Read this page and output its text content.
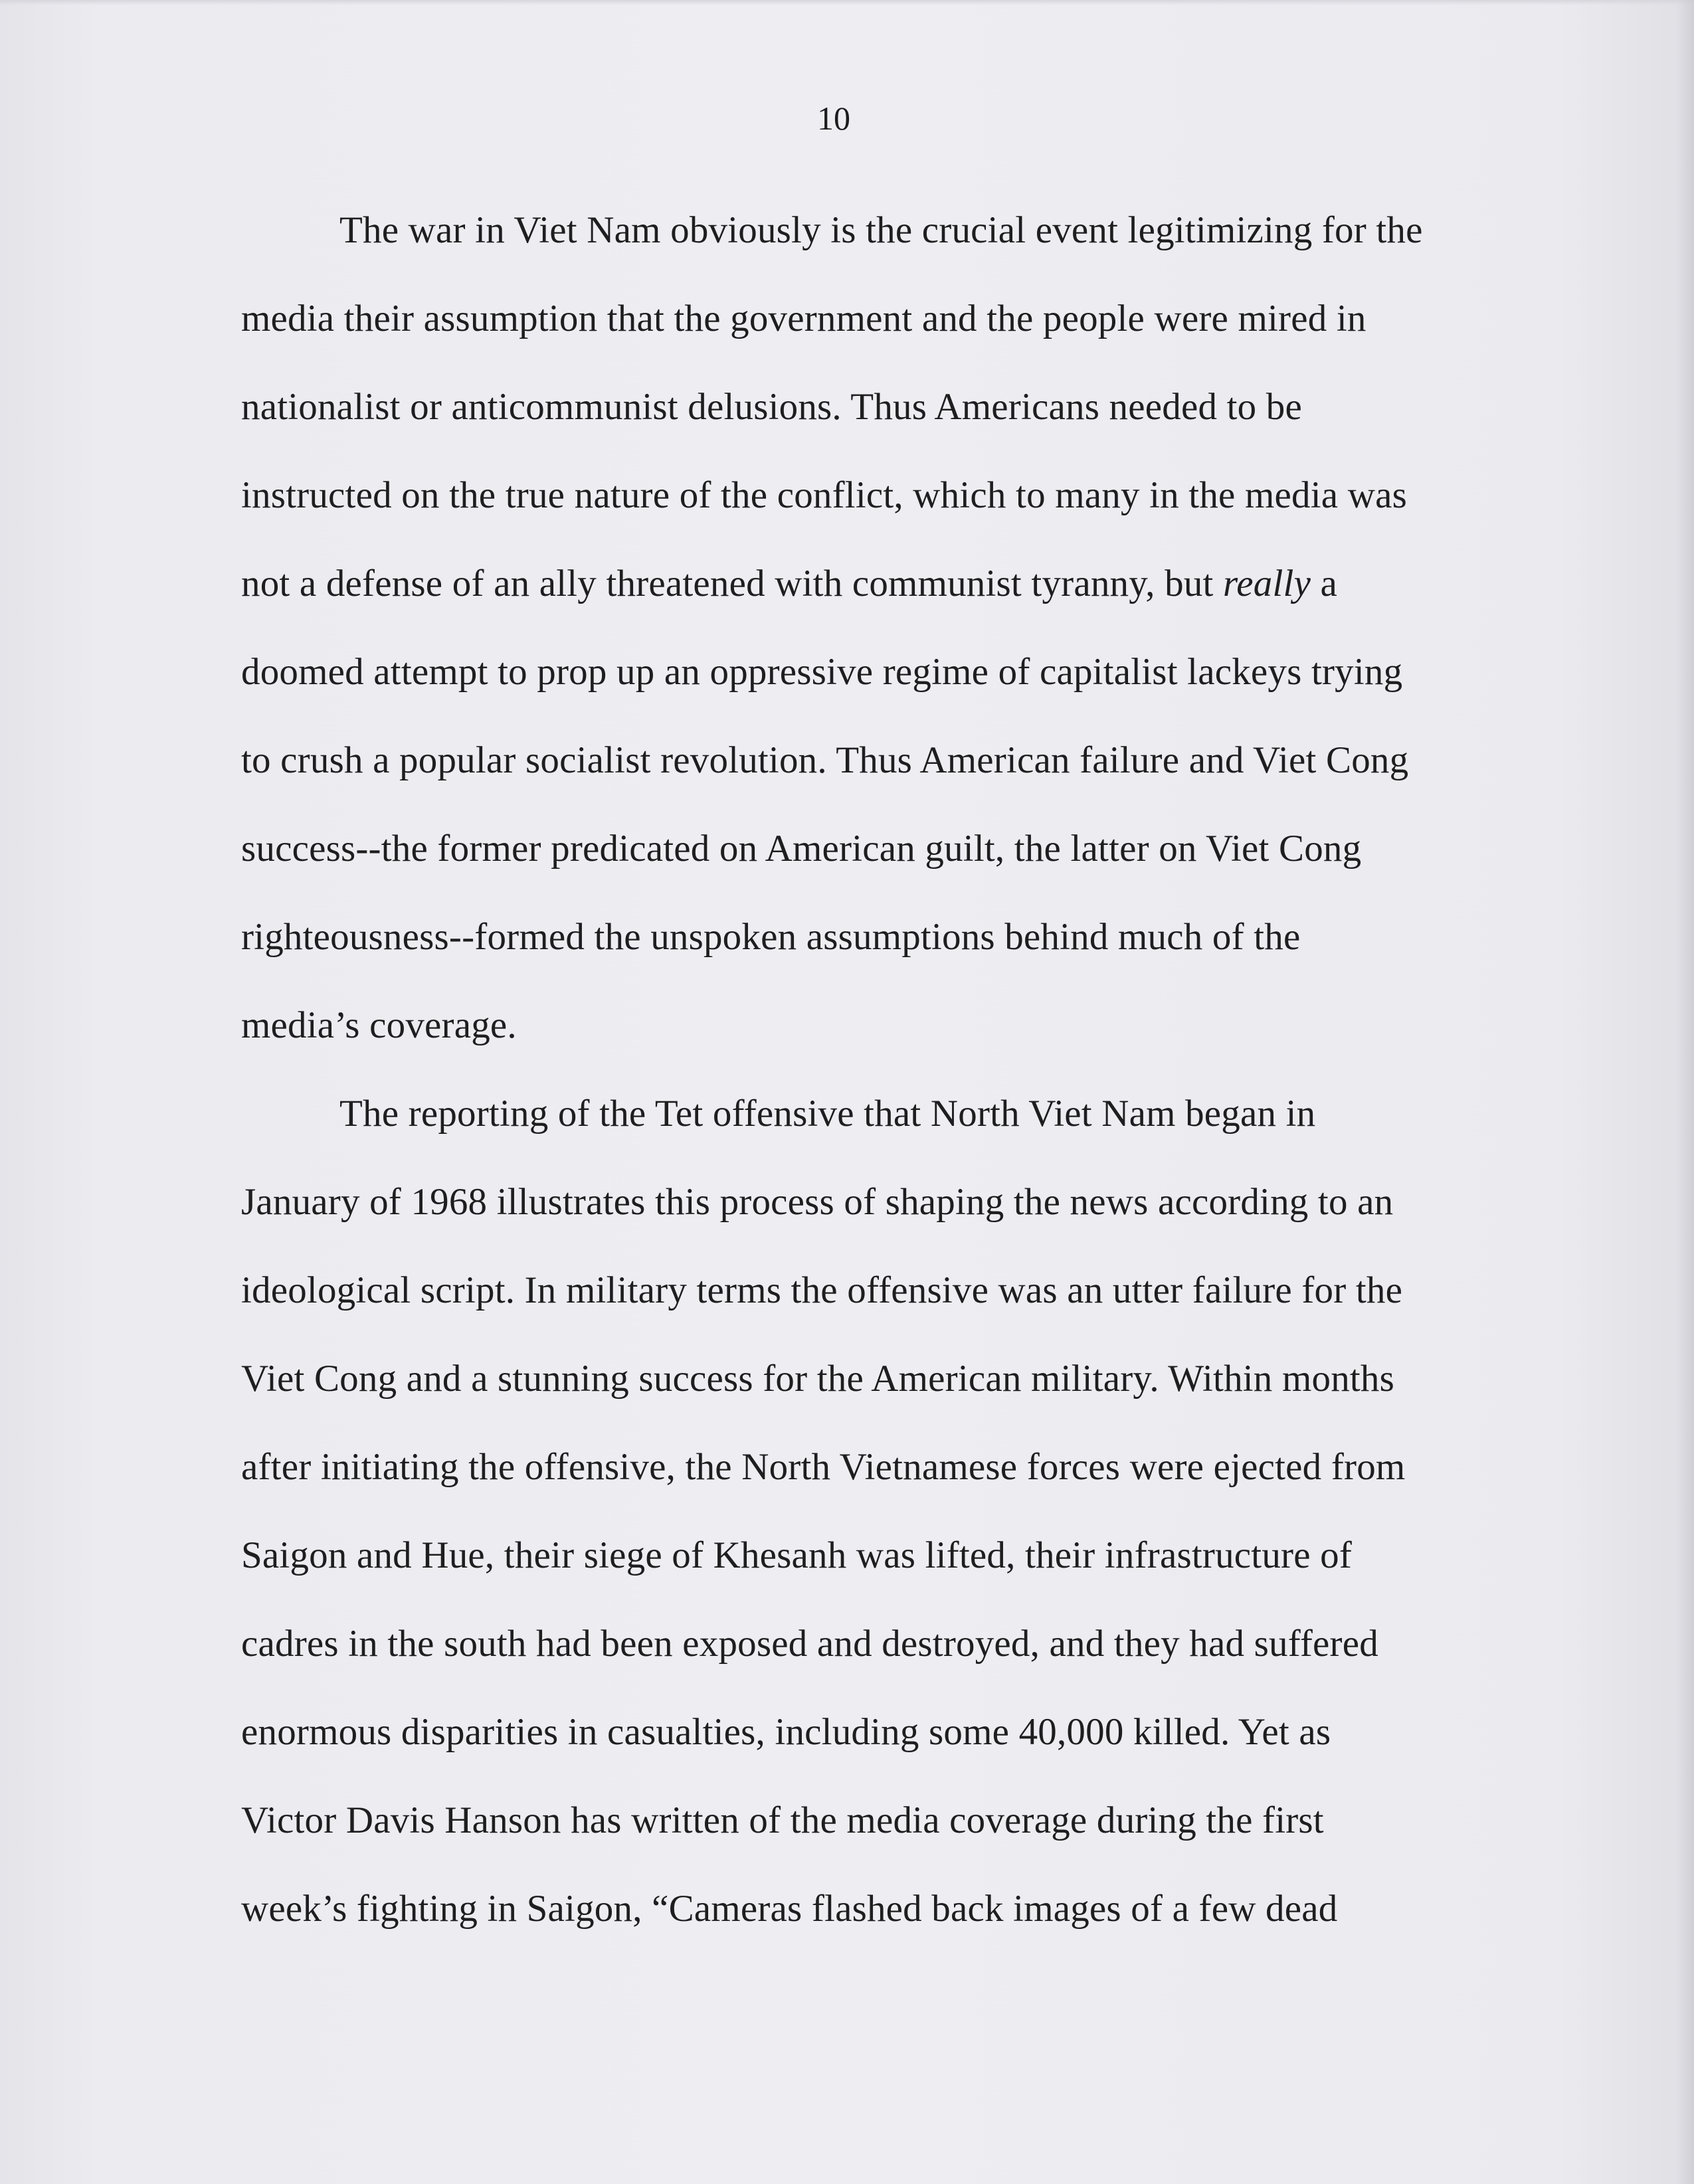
10

The war in Viet Nam obviously is the crucial event legitimizing for the
media their assumption that the government and the people were mired in
nationalist or anticommunist delusions. Thus Americans needed to be
instructed on the true nature of the conflict, which to many in the media was
not a defense of an ally threatened with communist tyranny, but really a
doomed attempt to prop up an oppressive regime of capitalist lackeys trying
to crush a popular socialist revolution. Thus American failure and Viet Cong
success--the former predicated on American guilt, the latter on Viet Cong
righteousness--formed the unspoken assumptions behind much of the
media’s coverage.
The reporting of the Tet offensive that North Viet Nam began in
January of 1968 illustrates this process of shaping the news according to an
ideological script. In military terms the offensive was an utter failure for the
Viet Cong and a stunning success for the American military. Within months
after initiating the offensive, the North Vietnamese forces were ejected from
Saigon and Hue, their siege of Khesanh was lifted, their infrastructure of
cadres in the south had been exposed and destroyed, and they had suffered
enormous disparities in casualties, including some 40,000 killed. Yet as
Victor Davis Hanson has written of the media coverage during the first
week’s fighting in Saigon, “Cameras flashed back images of a few dead
